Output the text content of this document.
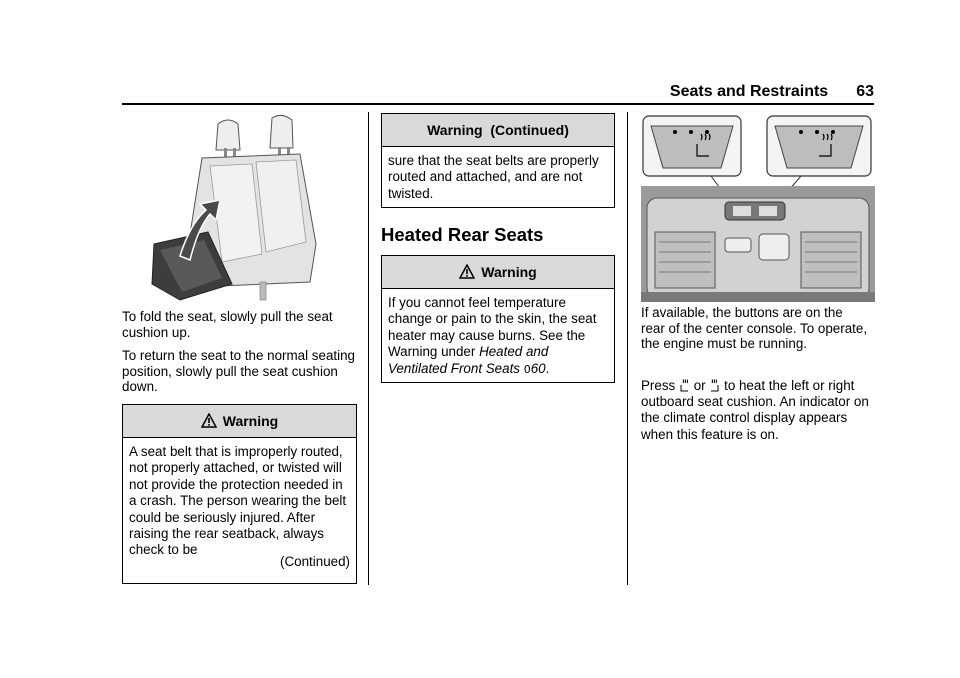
Seats and Restraints 63

To fold the seat, slowly pull the seat cushion up.

To return the seat to the normal seating position, slowly pull the seat cushion down.

Warning
A seat belt that is improperly routed, not properly attached, or twisted will not provide the protection needed in a crash. The person wearing the belt could be seriously injured. After raising the rear seatback, always check to be
(Continued)
Warning  (Continued)
sure that the seat belts are properly routed and attached, and are not twisted.
Heated Rear Seats
Warning
If you cannot feel temperature change or pain to the skin, the seat heater may cause burns. See the Warning under Heated and Ventilated Front Seats 060.

If available, the buttons are on the rear of the center console. To operate, the engine must be running.

Press or to heat the left or right outboard seat cushion. An indicator on the climate control display appears when this feature is on.
